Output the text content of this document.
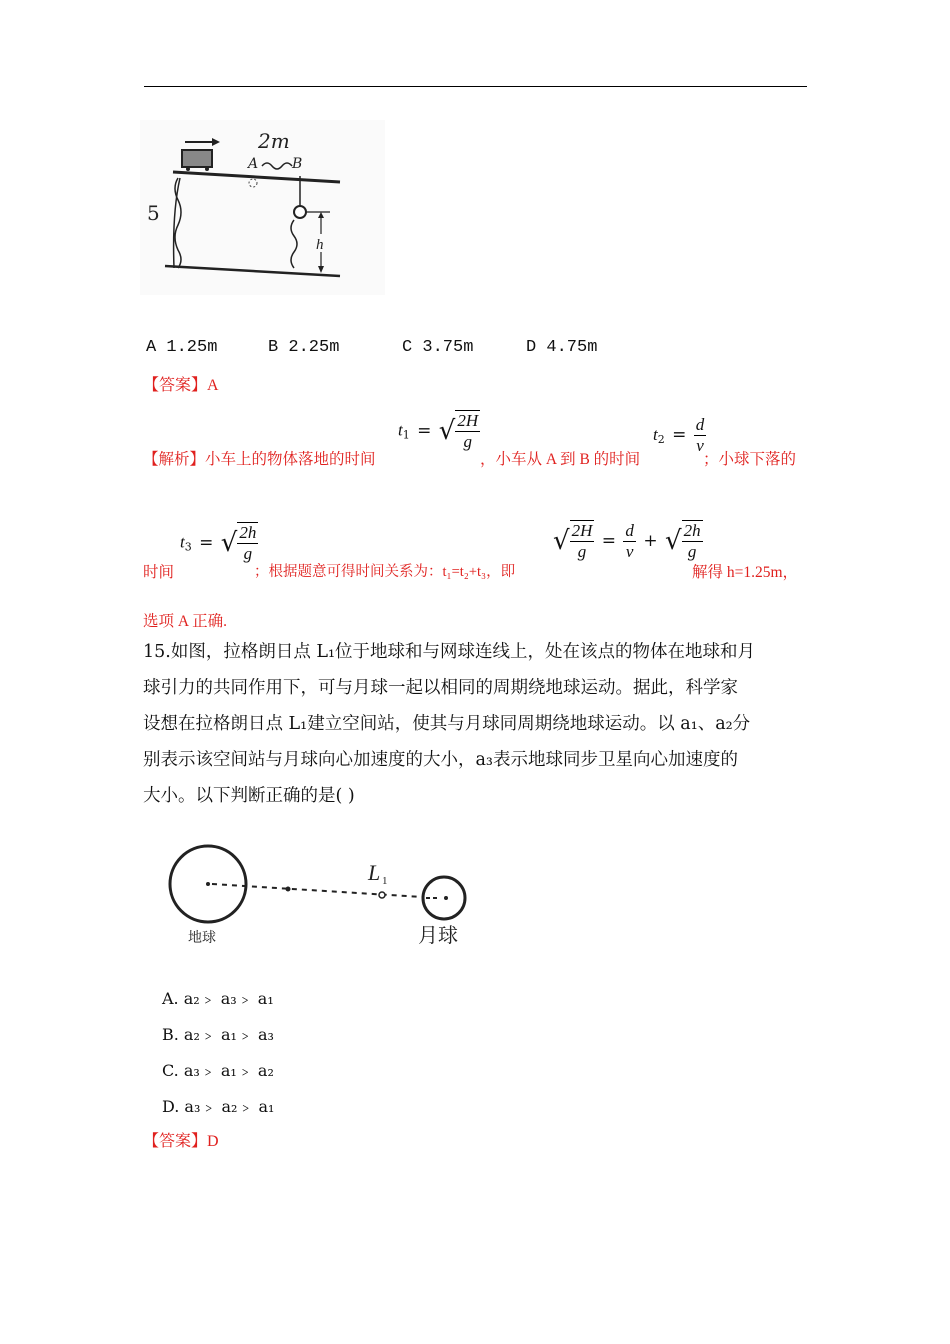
2m
A B
5
h
A 1.25m	B 2.25m	C 3.75m	D 4.75m
【答案】A
【解析】小车上的物体落地的时间
$t_1$ = √ $\frac{2H}{g}$
，小车从 A 到 B 的时间
$t_2 = \frac{d}{v}$
；小球下落的
时间
$t_3$ = √ $\frac{2h}{g}$
；根据题意可得时间关系为：t₁=t₂+t₃，即
√ $\frac{2H}{g} = \frac{d}{v}$ + √ $\frac{2h}{g}$
解得 h=1.25m，
选项 A 正确.
15.如图，拉格朗日点 L₁位于地球和与网球连线上，处在该点的物体在地球和月
球引力的共同作用下，可与月球一起以相同的周期绕地球运动。据此，科学家
设想在拉格朗日点 L₁建立空间站，使其与月球同周期绕地球运动。以 a₁、a₂分
别表示该空间站与月球向心加速度的大小，a₃表示地球同步卫星向心加速度的
大小。以下判断正确的是( )
L 1
地球	月球
A. a₂﹥ a₃﹥ a₁
B. a₂﹥ a₁﹥ a₃
C. a₃﹥ a₁﹥ a₂
D. a₃﹥ a₂﹥ a₁
【答案】D
